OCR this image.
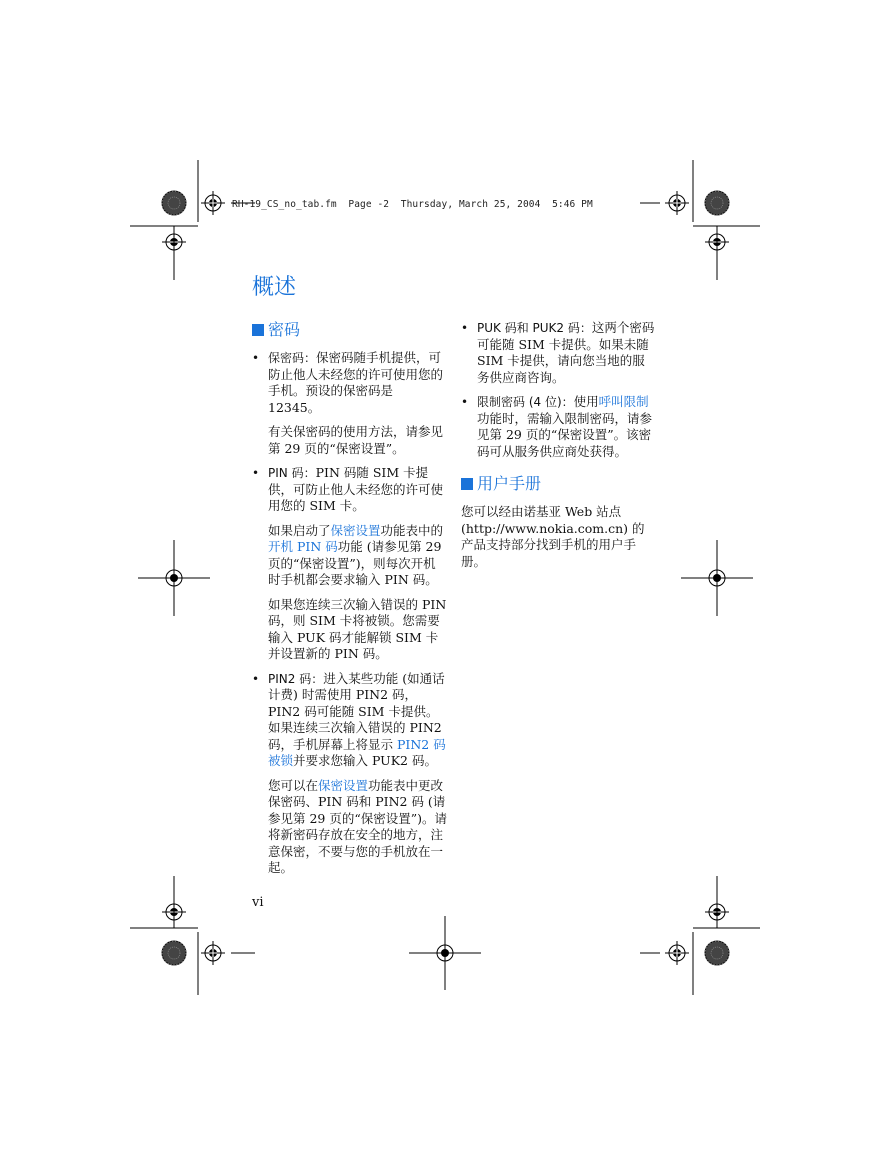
RH-19_CS_no_tab.fm  Page -2  Thursday, March 25, 2004  5:46 PM
概述
密码
• 保密码：保密码随手机提供，可防止他人未经您的许可使用您的手机。预设的保密码是 12345。

有关保密码的使用方法，请参见第 29 页的“保密设置”。

• PIN 码：PIN 码随 SIM 卡提供，可防止他人未经您的许可使用您的 SIM 卡。

如果启动了保密设置功能表中的开机 PIN 码功能 (请参见第 29 页的“保密设置”)，则每次开机时手机都会要求输入 PIN 码。

如果您连续三次输入错误的 PIN 码，则 SIM 卡将被锁。您需要输入 PUK 码才能解锁 SIM 卡并设置新的 PIN 码。

• PIN2 码：进入某些功能 (如通话计费) 时需使用 PIN2 码，PIN2 码可能随 SIM 卡提供。如果连续三次输入错误的 PIN2 码，手机屏幕上将显示 PIN2 码被锁并要求您输入 PUK2 码。

您可以在保密设置功能表中更改保密码、PIN 码和 PIN2 码 (请参见第 29 页的“保密设置”)。请将新密码存放在安全的地方，注意保密，不要与您的手机放在一起。

• PUK 码和 PUK2 码：这两个密码可能随 SIM 卡提供。如果未随 SIM 卡提供，请向您当地的服务供应商咨询。

• 限制密码 (4 位)：使用呼叫限制功能时，需输入限制密码，请参见第 29 页的“保密设置”。该密码可从服务供应商处获得。

用户手册

您可以经由诺基亚 Web 站点 (http://www.nokia.com.cn) 的产品支持部分找到手机的用户手册。

vi
